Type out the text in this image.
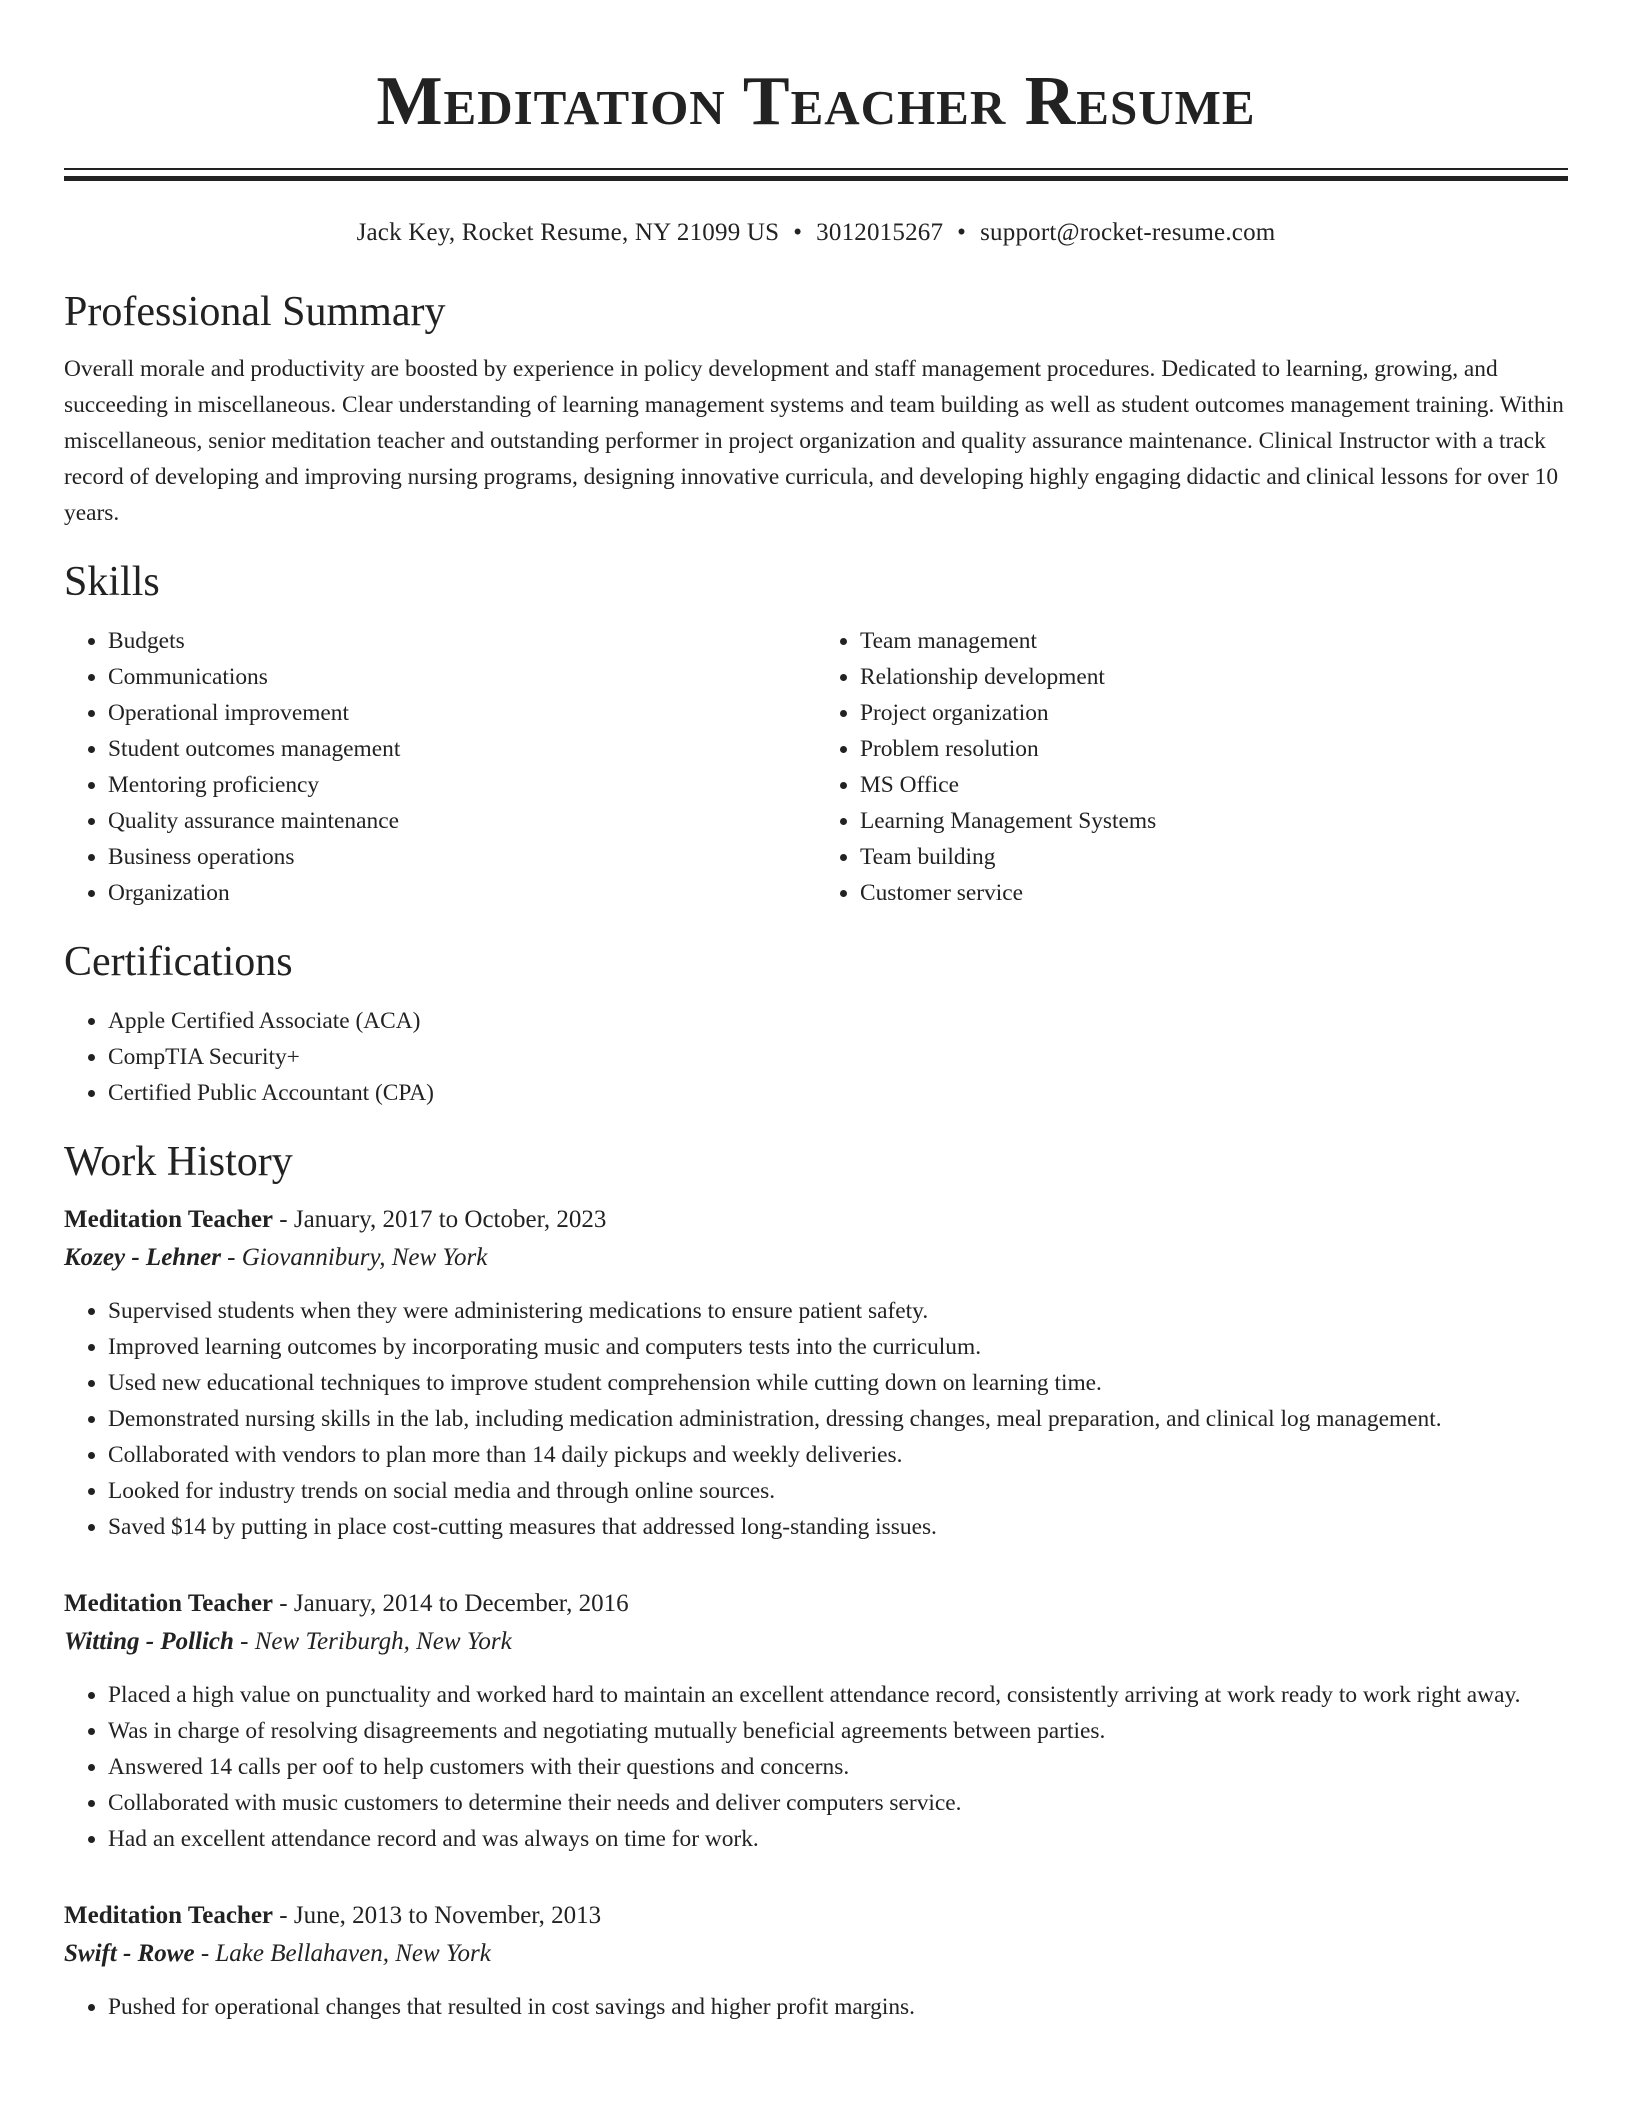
Meditation Teacher Resume
Jack Key, Rocket Resume, NY 21099 US • 3012015267 • support@rocket-resume.com
Professional Summary

Overall morale and productivity are boosted by experience in policy development and staff management procedures. Dedicated to learning, growing, and succeeding in miscellaneous. Clear understanding of learning management systems and team building as well as student outcomes management training. Within miscellaneous, senior meditation teacher and outstanding performer in project organization and quality assurance maintenance. Clinical Instructor with a track record of developing and improving nursing programs, designing innovative curricula, and developing highly engaging didactic and clinical lessons for over 10 years.

Skills
• Budgets
• Communications
• Operational improvement
• Student outcomes management
• Mentoring proficiency
• Quality assurance maintenance
• Business operations
• Organization
• Team management
• Relationship development
• Project organization
• Problem resolution
• MS Office
• Learning Management Systems
• Team building
• Customer service
Certifications
• Apple Certified Associate (ACA)
• CompTIA Security+
• Certified Public Accountant (CPA)
Work History
Meditation Teacher - January, 2017 to October, 2023
Kozey - Lehner - Giovannibury, New York
• Supervised students when they were administering medications to ensure patient safety.
• Improved learning outcomes by incorporating music and computers tests into the curriculum.
• Used new educational techniques to improve student comprehension while cutting down on learning time.
• Demonstrated nursing skills in the lab, including medication administration, dressing changes, meal preparation, and clinical log management.
• Collaborated with vendors to plan more than 14 daily pickups and weekly deliveries.
• Looked for industry trends on social media and through online sources.
• Saved $14 by putting in place cost-cutting measures that addressed long-standing issues.
Meditation Teacher - January, 2014 to December, 2016
Witting - Pollich - New Teriburgh, New York
• Placed a high value on punctuality and worked hard to maintain an excellent attendance record, consistently arriving at work ready to work right away.
• Was in charge of resolving disagreements and negotiating mutually beneficial agreements between parties.
• Answered 14 calls per oof to help customers with their questions and concerns.
• Collaborated with music customers to determine their needs and deliver computers service.
• Had an excellent attendance record and was always on time for work.
Meditation Teacher - June, 2013 to November, 2013
Swift - Rowe - Lake Bellahaven, New York
• Pushed for operational changes that resulted in cost savings and higher profit margins.
